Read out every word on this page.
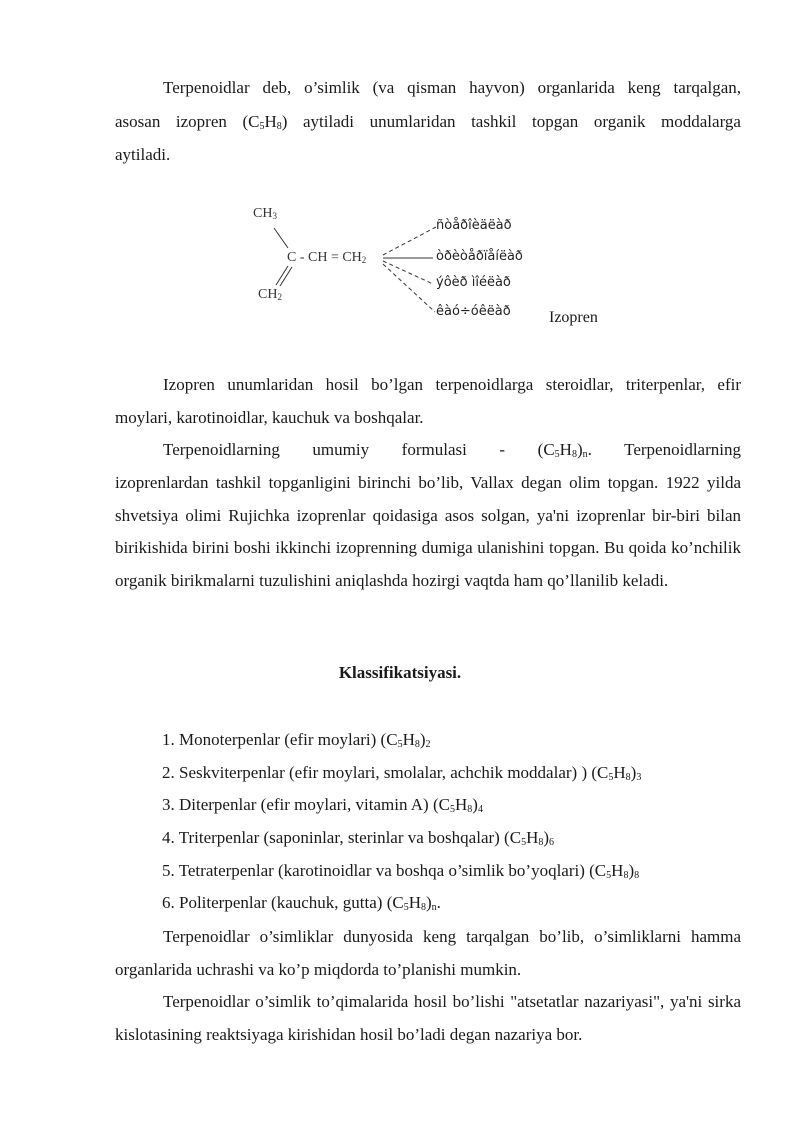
Terpenoidlar deb, o’simlik (va qisman hayvon) organlarida keng tarqalgan,

asosan izopren $(C_5H_8)$ aytiladi unumlaridan tashkil topgan organik moddalarga

aytiladi.

$CH_3$
C - CH = $CH_2$
$CH_2$
ñòåðîèäëàð
òðèòåðïåíëàð
ýôèð ìîéëàð
êàó÷óêëàð Izopren

Izopren unumlaridan hosil bo’lgan terpenoidlarga steroidlar, triterpenlar, efir

moylari, karotinoidlar, kauchuk va boshqalar.

Terpenoidlarning umumiy formulasi - $(C_5H_8)_n$. Terpenoidlarning

izoprenlardan tashkil topganligini birinchi bo’lib, Vallax degan olim topgan. 1922 yilda shvetsiya olimi Rujichka izoprenlar qoidasiga asos solgan, ya'ni izoprenlar bir-biri bilan birikishida birini boshi ikkinchi izoprenning dumiga ulanishini topgan. Bu qoida ko’nchilik organik birikmalarni tuzulishini aniqlashda hozirgi vaqtda ham qo’llanilib keladi.

Klassifikatsiyasi.

1. Monoterpenlar (efir moylari) $(C_5H_8)_2$

2. Seskviterpenlar (efir moylari, smolalar, achchik moddalar) ) $(C_5H_8)_3$

3. Diterpenlar (efir moylari, vitamin A) $(C_5H_8)_4$

4. Triterpenlar (saponinlar, sterinlar va boshqalar) $(C_5H_8)_6$

5. Tetraterpenlar (karotinoidlar va boshqa o’simlik bo’yoqlari) $(C_5H_8)_8$

6. Politerpenlar (kauchuk, gutta) $(C_5H_8)_n$.

Terpenoidlar o’simliklar dunyosida keng tarqalgan bo’lib, o’simliklarni hamma organlarida uchrashi va ko’p miqdorda to’planishi mumkin.

Terpenoidlar o’simlik to’qimalarida hosil bo’lishi "atsetatlar nazariyasi", ya'ni sirka kislotasining reaktsiyaga kirishidan hosil bo’ladi degan nazariya bor.
